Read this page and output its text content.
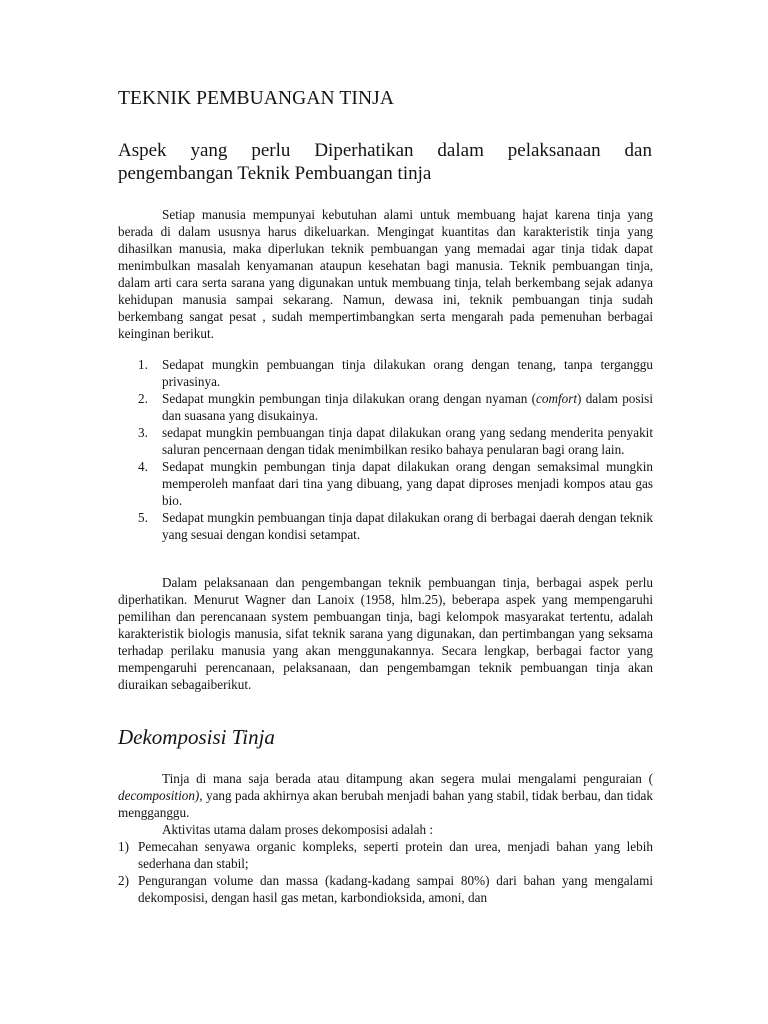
TEKNIK PEMBUANGAN TINJA
Aspek yang perlu Diperhatikan dalam pelaksanaan dan pengembangan Teknik Pembuangan tinja

Setiap manusia mempunyai kebutuhan alami untuk membuang hajat karena tinja yang berada di dalam ususnya harus dikeluarkan. Mengingat kuantitas dan karakteristik tinja yang dihasilkan manusia, maka diperlukan teknik pembuangan yang memadai agar tinja tidak dapat menimbulkan masalah kenyamanan ataupun kesehatan bagi manusia. Teknik pembuangan tinja, dalam arti cara serta sarana yang digunakan untuk membuang tinja, telah berkembang sejak adanya kehidupan manusia sampai sekarang. Namun, dewasa ini, teknik pembuangan tinja sudah berkembang sangat pesat , sudah mempertimbangkan serta mengarah pada pemenuhan berbagai keinginan berikut.

1. Sedapat mungkin pembuangan tinja dilakukan orang dengan tenang, tanpa terganggu privasinya.
2. Sedapat mungkin pembungan tinja dilakukan orang dengan nyaman (comfort) dalam posisi dan suasana yang disukainya.
3. sedapat mungkin pembuangan tinja dapat dilakukan orang yang sedang menderita penyakit saluran pencernaan dengan tidak menimbilkan resiko bahaya penularan bagi orang lain.
4. Sedapat mungkin pembungan tinja dapat dilakukan orang dengan semaksimal mungkin memperoleh manfaat dari tina yang dibuang, yang dapat diproses menjadi kompos atau gas bio.
5. Sedapat mungkin pembuangan tinja dapat dilakukan orang di berbagai daerah dengan teknik yang sesuai dengan kondisi setampat.

Dalam pelaksanaan dan pengembangan teknik pembuangan tinja, berbagai aspek perlu diperhatikan. Menurut Wagner dan Lanoix (1958, hlm.25), beberapa aspek yang mempengaruhi pemilihan dan perencanaan system pembuangan tinja, bagi kelompok masyarakat tertentu, adalah karakteristik biologis manusia, sifat teknik sarana yang digunakan, dan pertimbangan yang seksama terhadap perilaku manusia yang akan menggunakannya. Secara lengkap, berbagai factor yang mempengaruhi perencanaan, pelaksanaan, dan pengembamgan teknik pembuangan tinja akan diuraikan sebagaiberikut.

Dekomposisi Tinja

Tinja di mana saja berada atau ditampung akan segera mulai mengalami penguraian ( decomposition), yang pada akhirnya akan berubah menjadi bahan yang stabil, tidak berbau, dan tidak mengganggu.

Aktivitas utama dalam proses dekomposisi adalah :

1) Pemecahan senyawa organic kompleks, seperti protein dan urea, menjadi bahan yang lebih sederhana dan stabil;
2) Pengurangan volume dan massa (kadang-kadang sampai 80%) dari bahan yang mengalami dekomposisi, dengan hasil gas metan, karbondioksida, amoni, dan
